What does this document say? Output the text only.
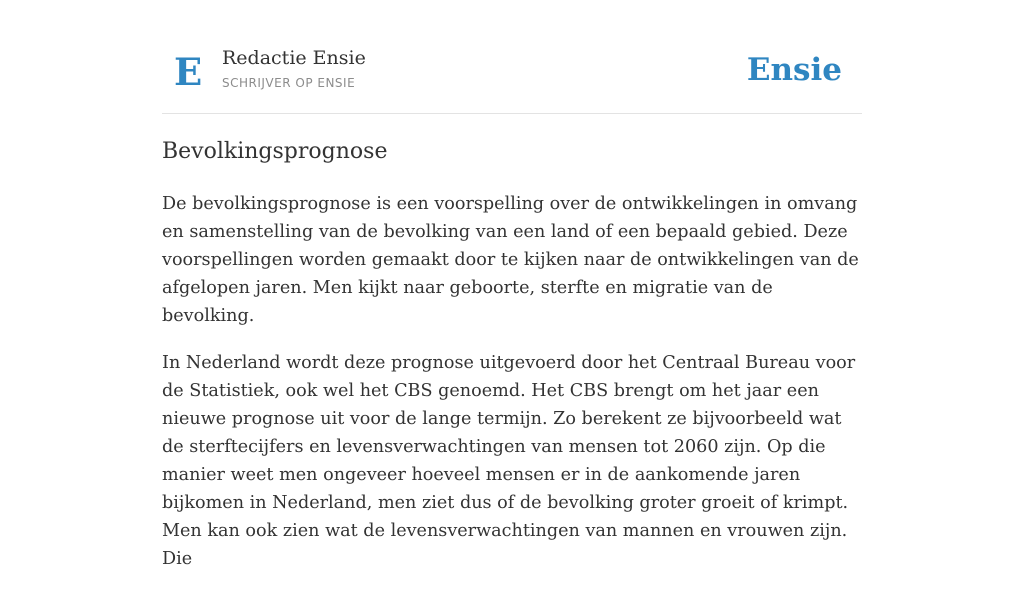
E Redactie Ensie
SCHRIJVER OP ENSIE	Ensie
Bevolkingsprognose

De bevolkingsprognose is een voorspelling over de ontwikkelingen in omvang en samenstelling van de bevolking van een land of een bepaald gebied. Deze voorspellingen worden gemaakt door te kijken naar de ontwikkelingen van de afgelopen jaren. Men kijkt naar geboorte, sterfte en migratie van de bevolking.

In Nederland wordt deze prognose uitgevoerd door het Centraal Bureau voor de Statistiek, ook wel het CBS genoemd. Het CBS brengt om het jaar een nieuwe prognose uit voor de lange termijn. Zo berekent ze bijvoorbeeld wat de sterftecijfers en levensverwachtingen van mensen tot 2060 zijn. Op die manier weet men ongeveer hoeveel mensen er in de aankomende jaren bijkomen in Nederland, men ziet dus of de bevolking groter groeit of krimpt. Men kan ook zien wat de levensverwachtingen van mannen en vrouwen zijn. Die
